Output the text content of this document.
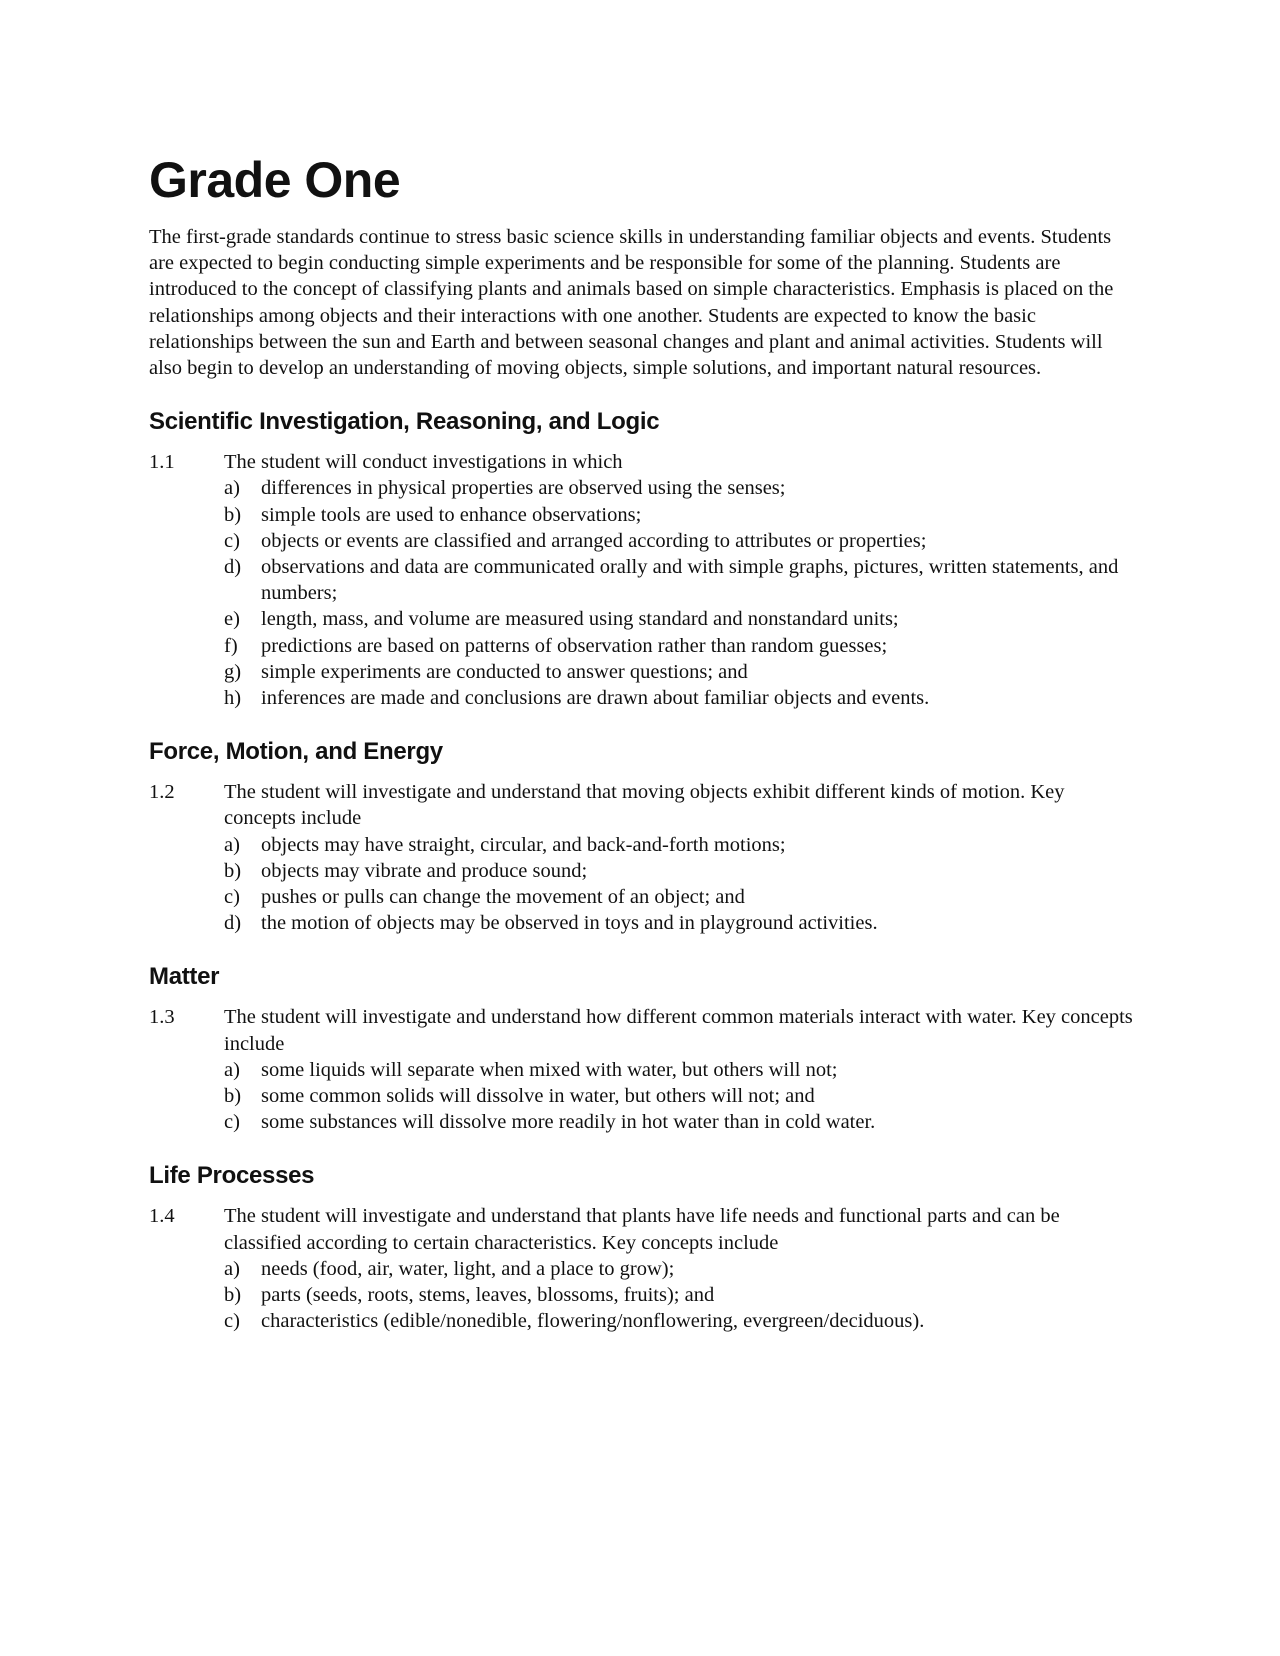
Grade One

The first-grade standards continue to stress basic science skills in understanding familiar objects and events. Students are expected to begin conducting simple experiments and be responsible for some of the planning. Students are introduced to the concept of classifying plants and animals based on simple characteristics. Emphasis is placed on the relationships among objects and their interactions with one another. Students are expected to know the basic relationships between the sun and Earth and between seasonal changes and plant and animal activities. Students will also begin to develop an understanding of moving objects, simple solutions, and important natural resources.

Scientific Investigation, Reasoning, and Logic
1.1 The student will conduct investigations in which
a) differences in physical properties are observed using the senses;
b) simple tools are used to enhance observations;
c) objects or events are classified and arranged according to attributes or properties;
d) observations and data are communicated orally and with simple graphs, pictures, written statements, and numbers;
e) length, mass, and volume are measured using standard and nonstandard units;
f) predictions are based on patterns of observation rather than random guesses;
g) simple experiments are conducted to answer questions; and
h) inferences are made and conclusions are drawn about familiar objects and events.
Force, Motion, and Energy
1.2 The student will investigate and understand that moving objects exhibit different kinds of motion. Key concepts include
a) objects may have straight, circular, and back-and-forth motions;
b) objects may vibrate and produce sound;
c) pushes or pulls can change the movement of an object; and
d) the motion of objects may be observed in toys and in playground activities.
Matter
1.3 The student will investigate and understand how different common materials interact with water. Key concepts include
a) some liquids will separate when mixed with water, but others will not;
b) some common solids will dissolve in water, but others will not; and
c) some substances will dissolve more readily in hot water than in cold water.
Life Processes
1.4 The student will investigate and understand that plants have life needs and functional parts and can be classified according to certain characteristics. Key concepts include
a) needs (food, air, water, light, and a place to grow);
b) parts (seeds, roots, stems, leaves, blossoms, fruits); and
c) characteristics (edible/nonedible, flowering/nonflowering, evergreen/deciduous).
